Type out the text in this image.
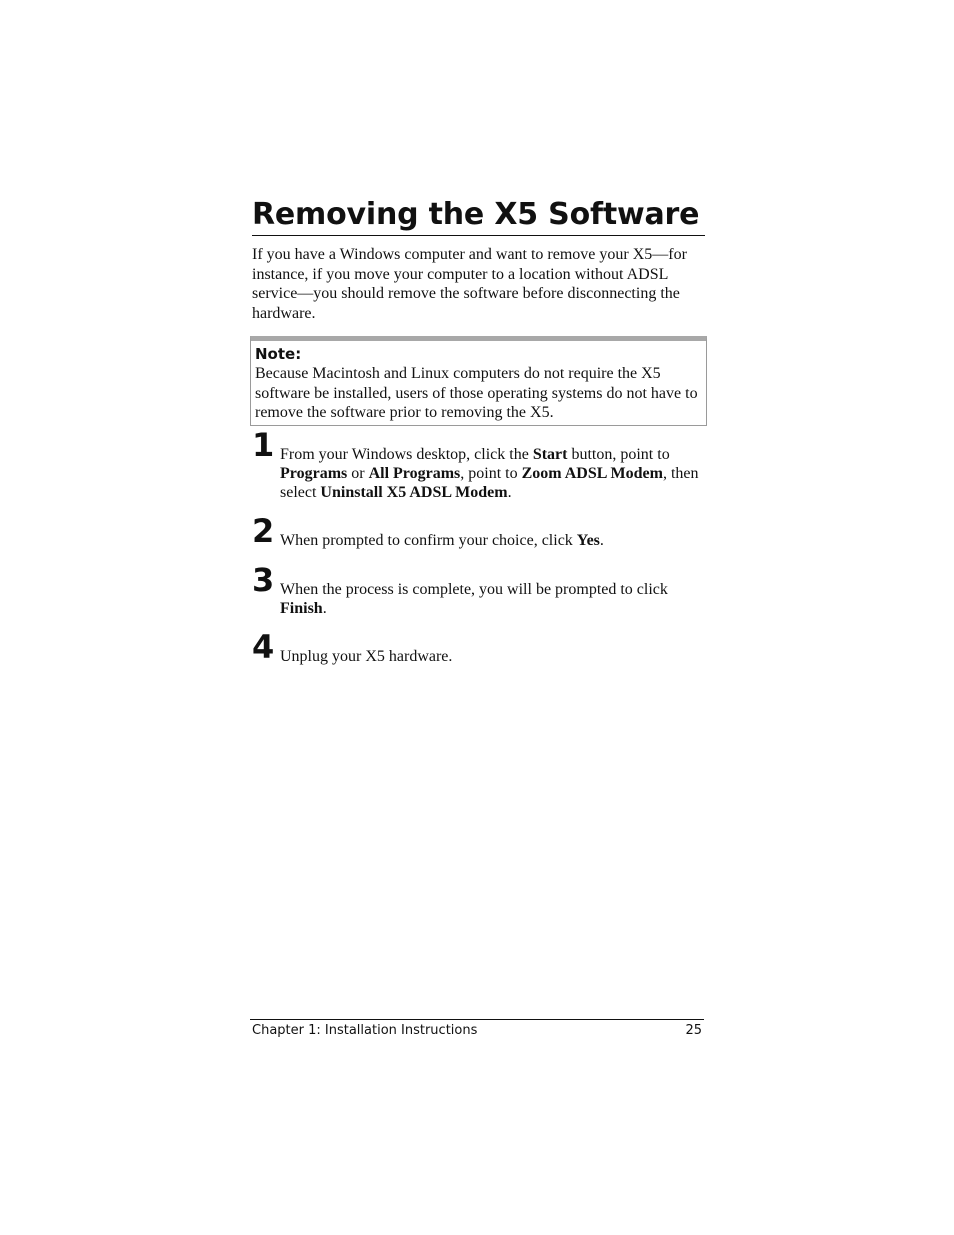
Removing the X5 Software

If you have a Windows computer and want to remove your X5—for instance, if you move your computer to a location without ADSL service—you should remove the software before disconnecting the hardware.

Note:
Because Macintosh and Linux computers do not require the X5 software be installed, users of those operating systems do not have to remove the software prior to removing the X5.
1 From your Windows desktop, click the Start button, point to Programs or All Programs, point to Zoom ADSL Modem, then select Uninstall X5 ADSL Modem.
2 When prompted to confirm your choice, click Yes.
3 When the process is complete, you will be prompted to click Finish.
4 Unplug your X5 hardware.
Chapter 1: Installation Instructions	25
